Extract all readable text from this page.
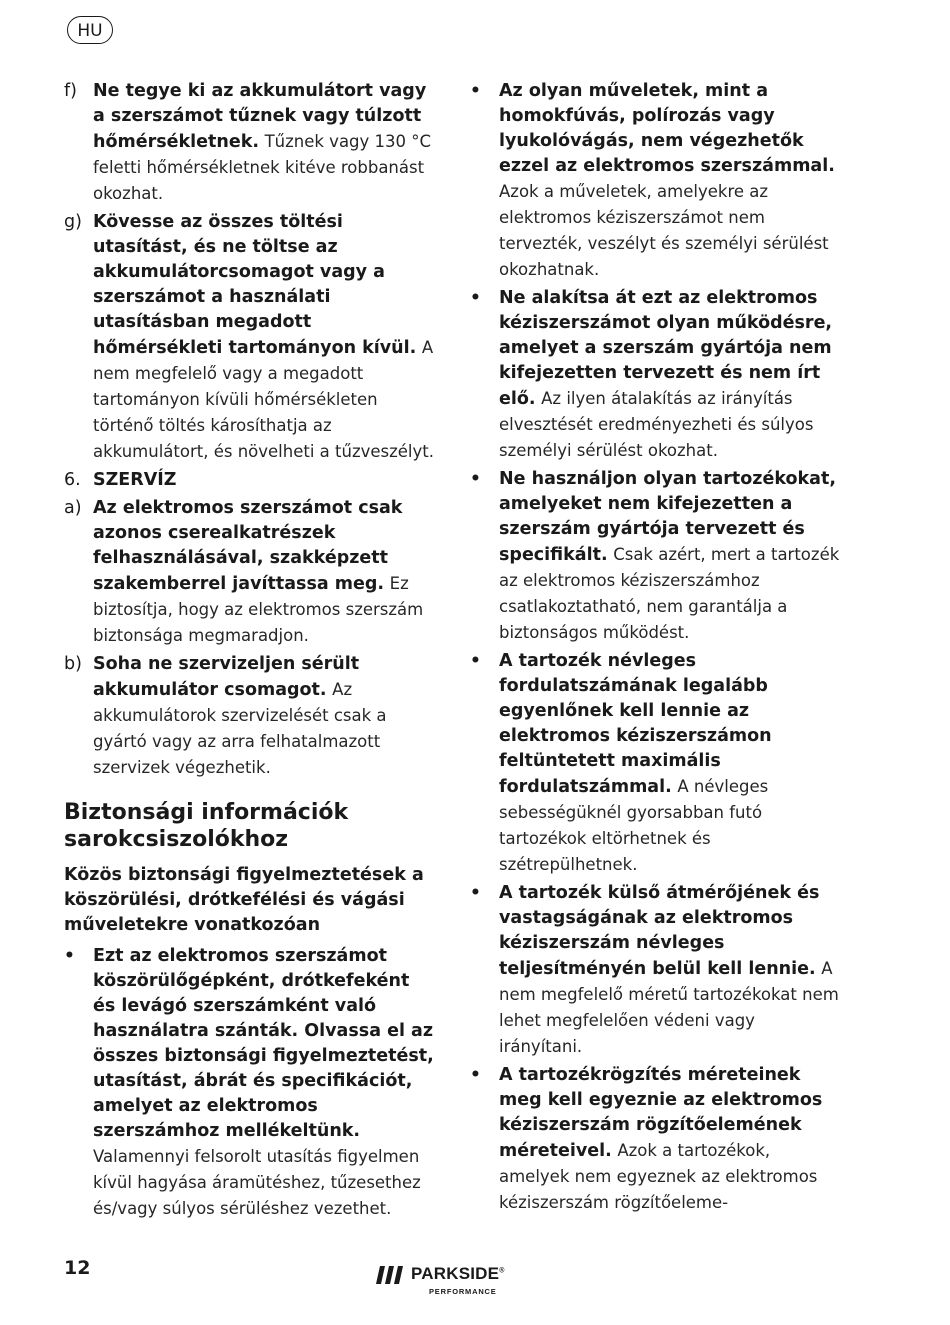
HU
f) Ne tegye ki az akkumulátort vagy a szerszámot tűznek vagy túlzott hőmérsékletnek. Tűznek vagy 130 °C feletti hőmérsékletnek kitéve robbanást okozhat.
g) Kövesse az összes töltési utasítást, és ne töltse az akkumulátorcsomagot vagy a szerszámot a használati utasításban megadott hőmérsékleti tartományon kívül. A nem megfelelő vagy a megadott tartományon kívüli hőmérsékleten történő töltés károsíthatja az akkumulátort, és növelheti a tűzveszélyt.
6. SZERVÍZ
a) Az elektromos szerszámot csak azonos cserealkatrészek felhasználásával, szakképzett szakemberrel javíttassa meg. Ez biztosítja, hogy az elektromos szerszám biztonsága megmaradjon.
b) Soha ne szervizeljen sérült akkumulátor csomagot. Az akkumulátorok szervizelését csak a gyártó vagy az arra felhatalmazott szervizek végezhetik.
Biztonsági információk sarokcsiszolókhoz
Közös biztonsági figyelmeztetések a köszörülési, drótkefélési és vágási műveletekre vonatkozóan
•	Ezt az elektromos szerszámot köszörülőgépként, drótkefeként és levágó szerszámként való használatra szánták. Olvassa el az összes biztonsági figyelmeztetést, utasítást, ábrát és specifikációt, amelyet az elektromos szerszámhoz mellékeltünk. Valamennyi felsorolt utasítás figyelmen kívül hagyása áramütéshez, tűzesethez és/vagy súlyos sérüléshez vezethet.
•	Az olyan műveletek, mint a homokfúvás, polírozás vagy lyukolóvágás, nem végezhetők ezzel az elektromos szerszámmal. Azok a műveletek, amelyekre az elektromos kéziszerszámot nem tervezték, veszélyt és személyi sérülést okozhatnak.
•	Ne alakítsa át ezt az elektromos kéziszerszámot olyan működésre, amelyet a szerszám gyártója nem kifejezetten tervezett és nem írt elő. Az ilyen átalakítás az irányítás elvesztését eredményezheti és súlyos személyi sérülést okozhat.
•	Ne használjon olyan tartozékokat, amelyeket nem kifejezetten a szerszám gyártója tervezett és specifikált. Csak azért, mert a tartozék az elektromos kéziszerszámhoz csatlakoztatható, nem garantálja a biztonságos működést.
•	A tartozék névleges fordulatszámának legalább egyenlőnek kell lennie az elektromos kéziszerszámon feltüntetett maximális fordulatszámmal. A névleges sebességüknél gyorsabban futó tartozékok eltörhetnek és szétrepülhetnek.
•	A tartozék külső átmérőjének és vastagságának az elektromos kéziszerszám névleges teljesítményén belül kell lennie. A nem megfelelő méretű tartozékokat nem lehet megfelelően védeni vagy irányítani.
•	A tartozékrögzítés méreteinek meg kell egyeznie az elektromos kéziszerszám rögzítőelemének méreteivel. Azok a tartozékok, amelyek nem egyeznek az elektromos kéziszerszám rögzítőeleme-
12	PARKSIDE®
PERFORMANCE
